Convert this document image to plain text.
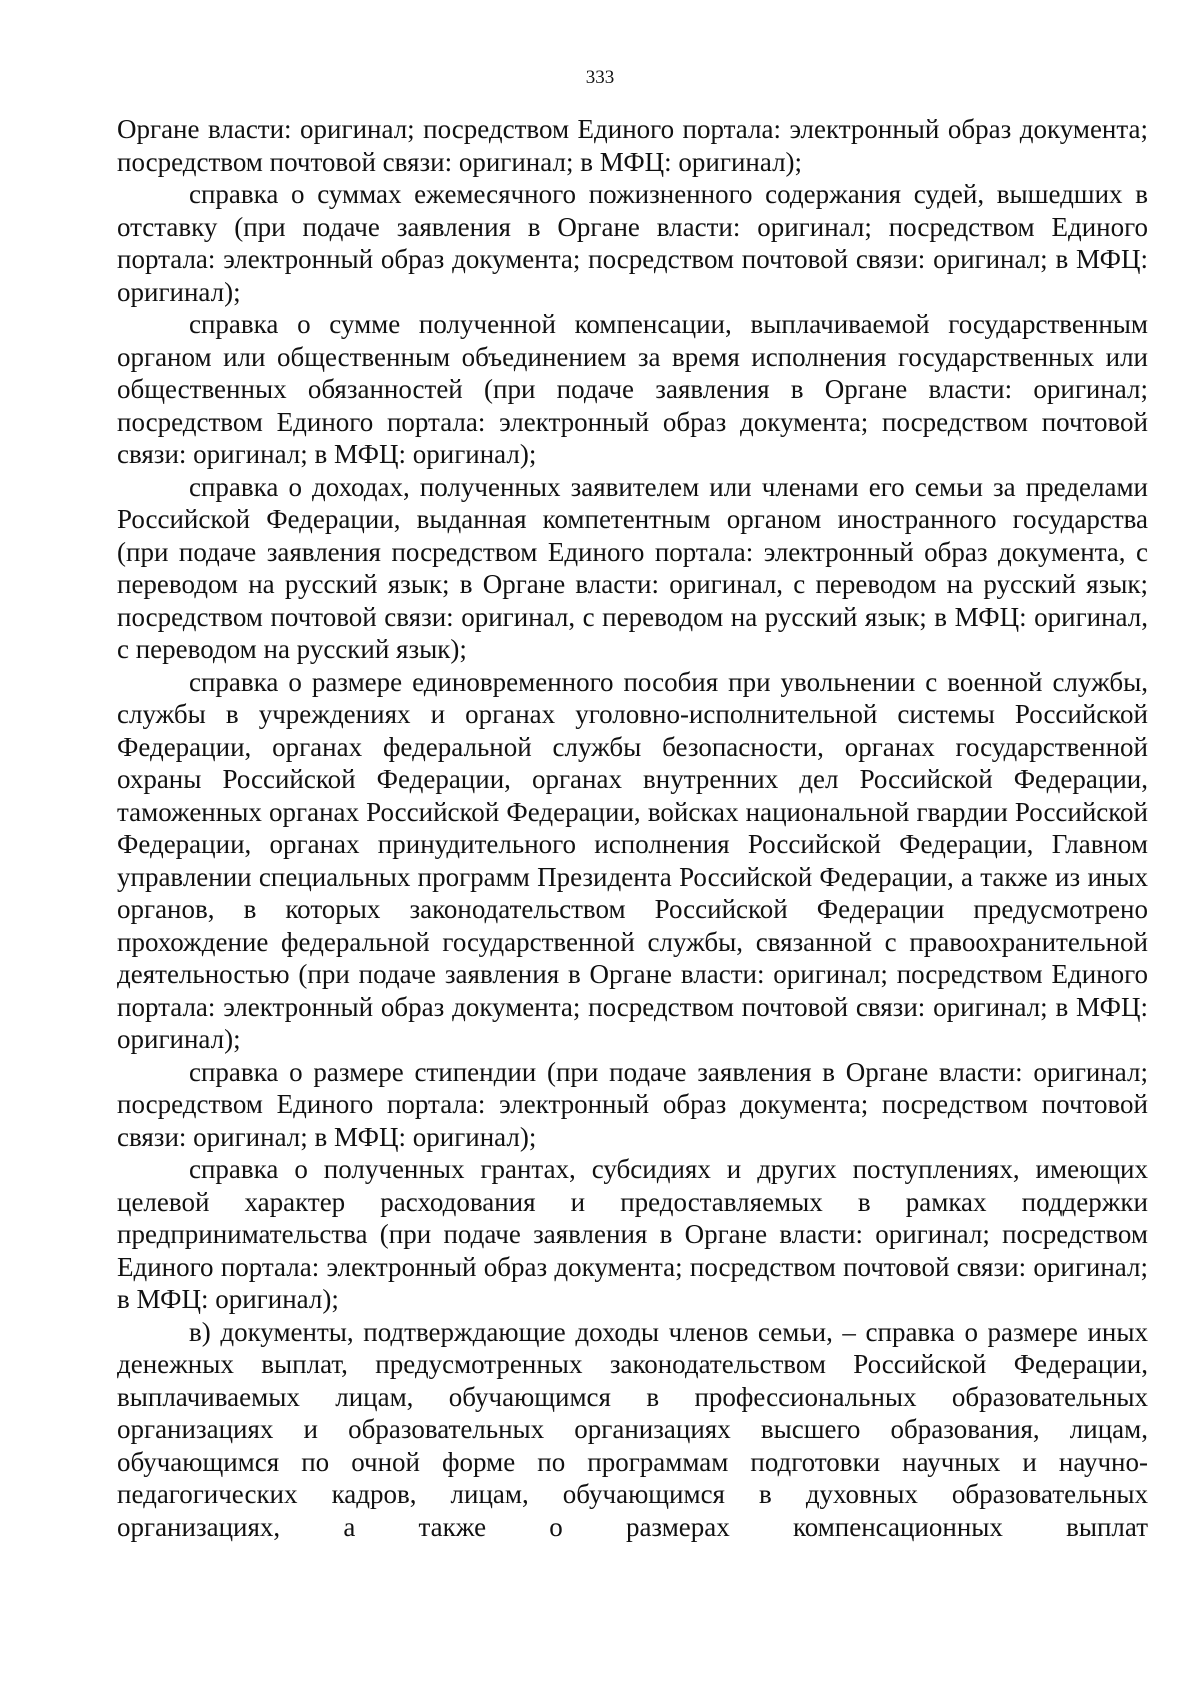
333

Органе власти: оригинал; посредством Единого портала: электронный образ документа; посредством почтовой связи: оригинал; в МФЦ: оригинал);

справка о суммах ежемесячного пожизненного содержания судей, вышедших в отставку (при подаче заявления в Органе власти: оригинал; посредством Единого портала: электронный образ документа; посредством почтовой связи: оригинал; в МФЦ: оригинал);

справка о сумме полученной компенсации, выплачиваемой государственным органом или общественным объединением за время исполнения государственных или общественных обязанностей (при подаче заявления в Органе власти: оригинал; посредством Единого портала: электронный образ документа; посредством почтовой связи: оригинал; в МФЦ: оригинал);

справка о доходах, полученных заявителем или членами его семьи за пределами Российской Федерации, выданная компетентным органом иностранного государства (при подаче заявления посредством Единого портала: электронный образ документа, с переводом на русский язык; в Органе власти: оригинал, с переводом на русский язык; посредством почтовой связи: оригинал, с переводом на русский язык; в МФЦ: оригинал, с переводом на русский язык);

справка о размере единовременного пособия при увольнении с военной службы, службы в учреждениях и органах уголовно-исполнительной системы Российской Федерации, органах федеральной службы безопасности, органах государственной охраны Российской Федерации, органах внутренних дел Российской Федерации, таможенных органах Российской Федерации, войсках национальной гвардии Российской Федерации, органах принудительного исполнения Российской Федерации, Главном управлении специальных программ Президента Российской Федерации, а также из иных органов, в которых законодательством Российской Федерации предусмотрено прохождение федеральной государственной службы, связанной с правоохранительной деятельностью (при подаче заявления в Органе власти: оригинал; посредством Единого портала: электронный образ документа; посредством почтовой связи: оригинал; в МФЦ: оригинал);

справка о размере стипендии (при подаче заявления в Органе власти: оригинал; посредством Единого портала: электронный образ документа; посредством почтовой связи: оригинал; в МФЦ: оригинал);

справка о полученных грантах, субсидиях и других поступлениях, имеющих целевой характер расходования и предоставляемых в рамках поддержки предпринимательства (при подаче заявления в Органе власти: оригинал; посредством Единого портала: электронный образ документа; посредством почтовой связи: оригинал; в МФЦ: оригинал);

в) документы, подтверждающие доходы членов семьи, – справка о размере иных денежных выплат, предусмотренных законодательством Российской Федерации, выплачиваемых лицам, обучающимся в профессиональных образовательных организациях и образовательных организациях высшего образования, лицам, обучающимся по очной форме по программам подготовки научных и научно-педагогических кадров, лицам, обучающимся в духовных образовательных организациях, а также о размерах компенсационных выплат
